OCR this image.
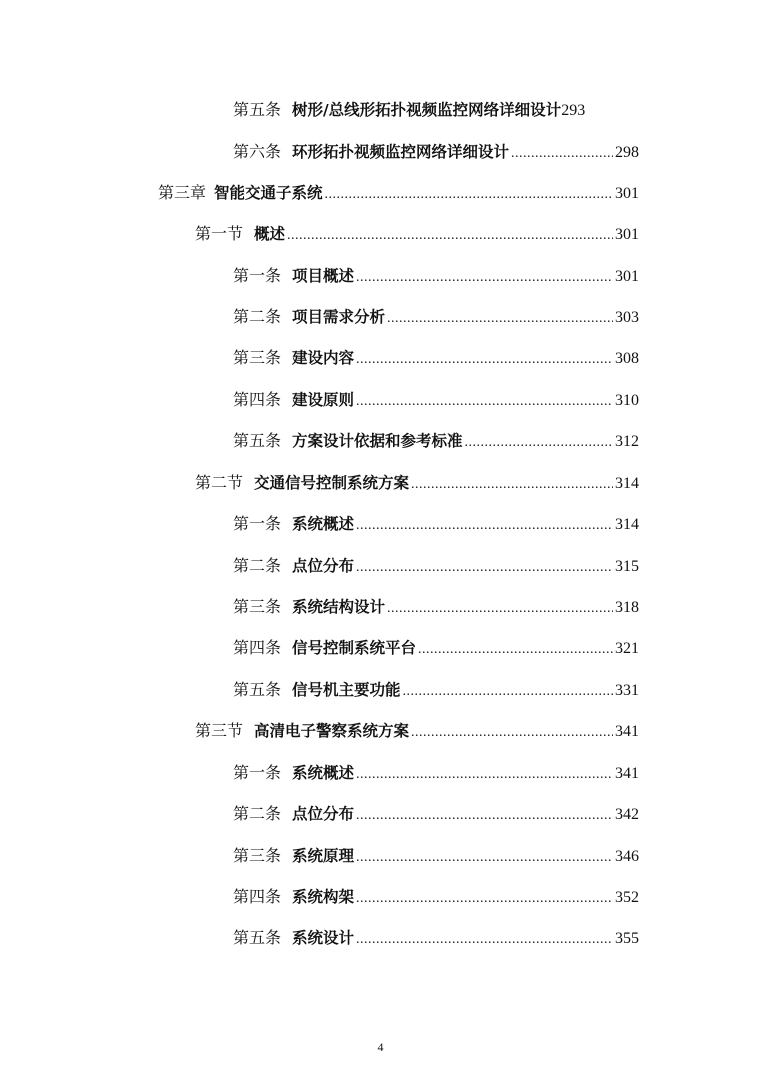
第五条 树形/总线形拓扑视频监控网络详细设计 293
第六条 环形拓扑视频监控网络详细设计 .....	298
第三章 智能交通子系统 .....	301
第一节 概述 .....	301
第一条 项目概述 .....	301
第二条 项目需求分析 .....	303
第三条 建设内容 .....	308
第四条 建设原则 .....	310
第五条 方案设计依据和参考标准 .....	312
第二节 交通信号控制系统方案 .....	314
第一条 系统概述 .....	314
第二条 点位分布 .....	315
第三条 系统结构设计 .....	318
第四条 信号控制系统平台 .....	321
第五条 信号机主要功能 .....	331
第三节 高清电子警察系统方案 .....	341
第一条 系统概述 .....	341
第二条 点位分布 .....	342
第三条 系统原理 .....	346
第四条 系统构架 .....	352
第五条 系统设计 .....	355
4
